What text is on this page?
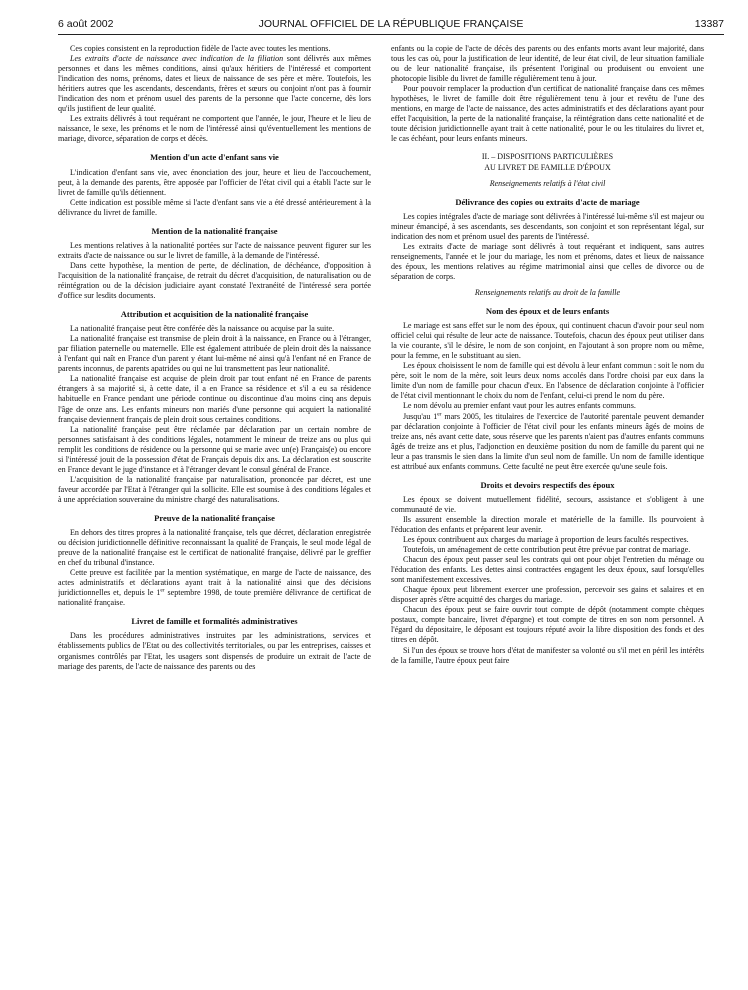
6 août 2002	JOURNAL OFFICIEL DE LA RÉPUBLIQUE FRANÇAISE	13387

Ces copies consistent en la reproduction fidèle de l'acte avec toutes les mentions.

Les extraits d'acte de naissance avec indication de la filiation sont délivrés aux mêmes personnes et dans les mêmes conditions, ainsi qu'aux héritiers de l'intéressé et comportent l'indication des noms, prénoms, dates et lieux de naissance de ses père et mère. Toutefois, les héritiers autres que les ascendants, descendants, frères et sœurs ou conjoint n'ont pas à fournir l'indication des nom et prénom usuel des parents de la personne que l'acte concerne, dès lors qu'ils justifient de leur qualité.

Les extraits délivrés à tout requérant ne comportent que l'année, le jour, l'heure et le lieu de naissance, le sexe, les prénoms et le nom de l'intéressé ainsi qu'éventuellement les mentions de mariage, divorce, séparation de corps et décès.

Mention d'un acte d'enfant sans vie

L'indication d'enfant sans vie, avec énonciation des jour, heure et lieu de l'accouchement, peut, à la demande des parents, être apposée par l'officier de l'état civil qui a établi l'acte sur le livret de famille qu'ils détiennent.

Cette indication est possible même si l'acte d'enfant sans vie a été dressé antérieurement à la délivrance du livret de famille.

Mention de la nationalité française

Les mentions relatives à la nationalité portées sur l'acte de naissance peuvent figurer sur les extraits d'acte de naissance ou sur le livret de famille, à la demande de l'intéressé.

Dans cette hypothèse, la mention de perte, de déclination, de déchéance, d'opposition à l'acquisition de la nationalité française, de retrait du décret d'acquisition, de naturalisation ou de réintégration ou de la décision judiciaire ayant constaté l'extranéité de l'intéressé sera portée d'office sur lesdits documents.

Attribution et acquisition de la nationalité française

La nationalité française peut être conférée dès la naissance ou acquise par la suite.

La nationalité française est transmise de plein droit à la naissance, en France ou à l'étranger, par filiation paternelle ou maternelle. Elle est également attribuée de plein droit dès la naissance à l'enfant qui naît en France d'un parent y étant lui-même né ainsi qu'à l'enfant né en France de parents inconnus, de parents apatrides ou qui ne lui transmettent pas leur nationalité.

La nationalité française est acquise de plein droit par tout enfant né en France de parents étrangers à sa majorité si, à cette date, il a en France sa résidence et s'il a eu sa résidence habituelle en France pendant une période continue ou discontinue d'au moins cinq ans depuis l'âge de onze ans. Les enfants mineurs non mariés d'une personne qui acquiert la nationalité française deviennent français de plein droit sous certaines conditions.

La nationalité française peut être réclamée par déclaration par un certain nombre de personnes satisfaisant à des conditions légales, notamment le mineur de treize ans ou plus qui remplit les conditions de résidence ou la personne qui se marie avec un(e) Français(e) ou encore si l'intéressé jouit de la possession d'état de Français depuis dix ans. La déclaration est souscrite en France devant le juge d'instance et à l'étranger devant le consul général de France.

L'acquisition de la nationalité française par naturalisation, prononcée par décret, est une faveur accordée par l'Etat à l'étranger qui la sollicite. Elle est soumise à des conditions légales et à une appréciation souveraine du ministre chargé des naturalisations.

Preuve de la nationalité française

En dehors des titres propres à la nationalité française, tels que décret, déclaration enregistrée ou décision juridictionnelle définitive reconnaissant la qualité de Français, le seul mode légal de preuve de la nationalité française est le certificat de nationalité française, délivré par le greffier en chef du tribunal d'instance.

Cette preuve est facilitée par la mention systématique, en marge de l'acte de naissance, des actes administratifs et déclarations ayant trait à la nationalité ainsi que des décisions juridictionnelles et, depuis le 1er septembre 1998, de toute première délivrance de certificat de nationalité française.

Livret de famille et formalités administratives

Dans les procédures administratives instruites par les administrations, services et établissements publics de l'Etat ou des collectivités territoriales, ou par les entreprises, caisses et organismes contrôlés par l'Etat, les usagers sont dispensés de produire un extrait de l'acte de mariage des parents, de l'acte de naissance des parents ou des

enfants ou la copie de l'acte de décès des parents ou des enfants morts avant leur majorité, dans tous les cas où, pour la justification de leur identité, de leur état civil, de leur situation familiale ou de leur nationalité française, ils présentent l'original ou produisent ou envoient une photocopie lisible du livret de famille régulièrement tenu à jour.

Pour pouvoir remplacer la production d'un certificat de nationalité française dans ces mêmes hypothèses, le livret de famille doit être régulièrement tenu à jour et revêtu de l'une des mentions, en marge de l'acte de naissance, des actes administratifs et des déclarations ayant pour effet l'acquisition, la perte de la nationalité française, la réintégration dans cette nationalité et de toute décision juridictionnelle ayant trait à cette nationalité, pour le ou les titulaires du livret et, le cas échéant, pour leurs enfants mineurs.

II. – DISPOSITIONS PARTICULIÈRES
AU LIVRET DE FAMILLE D'ÉPOUX
Renseignements relatifs à l'état civil
Délivrance des copies ou extraits d'acte de mariage

Les copies intégrales d'acte de mariage sont délivrées à l'intéressé lui-même s'il est majeur ou mineur émancipé, à ses ascendants, ses descendants, son conjoint et son représentant légal, sur indication des nom et prénom usuel des parents de l'intéressé.

Les extraits d'acte de mariage sont délivrés à tout requérant et indiquent, sans autres renseignements, l'année et le jour du mariage, les nom et prénoms, dates et lieux de naissance des époux, les mentions relatives au régime matrimonial ainsi que celles de divorce ou de séparation de corps.

Renseignements relatifs au droit de la famille
Nom des époux et de leurs enfants

Le mariage est sans effet sur le nom des époux, qui continuent chacun d'avoir pour seul nom officiel celui qui résulte de leur acte de naissance. Toutefois, chacun des époux peut utiliser dans la vie courante, s'il le désire, le nom de son conjoint, en l'ajoutant à son propre nom ou même, pour la femme, en le substituant au sien.

Les époux choisissent le nom de famille qui est dévolu à leur enfant commun : soit le nom du père, soit le nom de la mère, soit leurs deux noms accolés dans l'ordre choisi par eux dans la limite d'un nom de famille pour chacun d'eux. En l'absence de déclaration conjointe à l'officier de l'état civil mentionnant le choix du nom de l'enfant, celui-ci prend le nom du père.

Le nom dévolu au premier enfant vaut pour les autres enfants communs.

Jusqu'au 1er mars 2005, les titulaires de l'exercice de l'autorité parentale peuvent demander par déclaration conjointe à l'officier de l'état civil pour les enfants mineurs âgés de moins de treize ans, nés avant cette date, sous réserve que les parents n'aient pas d'autres enfants communs âgés de treize ans et plus, l'adjonction en deuxième position du nom de famille du parent qui ne leur a pas transmis le sien dans la limite d'un seul nom de famille. Un nom de famille identique est attribué aux enfants communs. Cette faculté ne peut être exercée qu'une seule fois.

Droits et devoirs respectifs des époux

Les époux se doivent mutuellement fidélité, secours, assistance et s'obligent à une communauté de vie.

Ils assurent ensemble la direction morale et matérielle de la famille. Ils pourvoient à l'éducation des enfants et préparent leur avenir.

Les époux contribuent aux charges du mariage à proportion de leurs facultés respectives.

Toutefois, un aménagement de cette contribution peut être prévue par contrat de mariage.

Chacun des époux peut passer seul les contrats qui ont pour objet l'entretien du ménage ou l'éducation des enfants. Les dettes ainsi contractées engagent les deux époux, sauf lorsqu'elles sont manifestement excessives.

Chaque époux peut librement exercer une profession, percevoir ses gains et salaires et en disposer après s'être acquitté des charges du mariage.

Chacun des époux peut se faire ouvrir tout compte de dépôt (notamment compte chèques postaux, compte bancaire, livret d'épargne) et tout compte de titres en son nom personnel. A l'égard du dépositaire, le déposant est toujours réputé avoir la libre disposition des fonds et des titres en dépôt.

Si l'un des époux se trouve hors d'état de manifester sa volonté ou s'il met en péril les intérêts de la famille, l'autre époux peut faire
